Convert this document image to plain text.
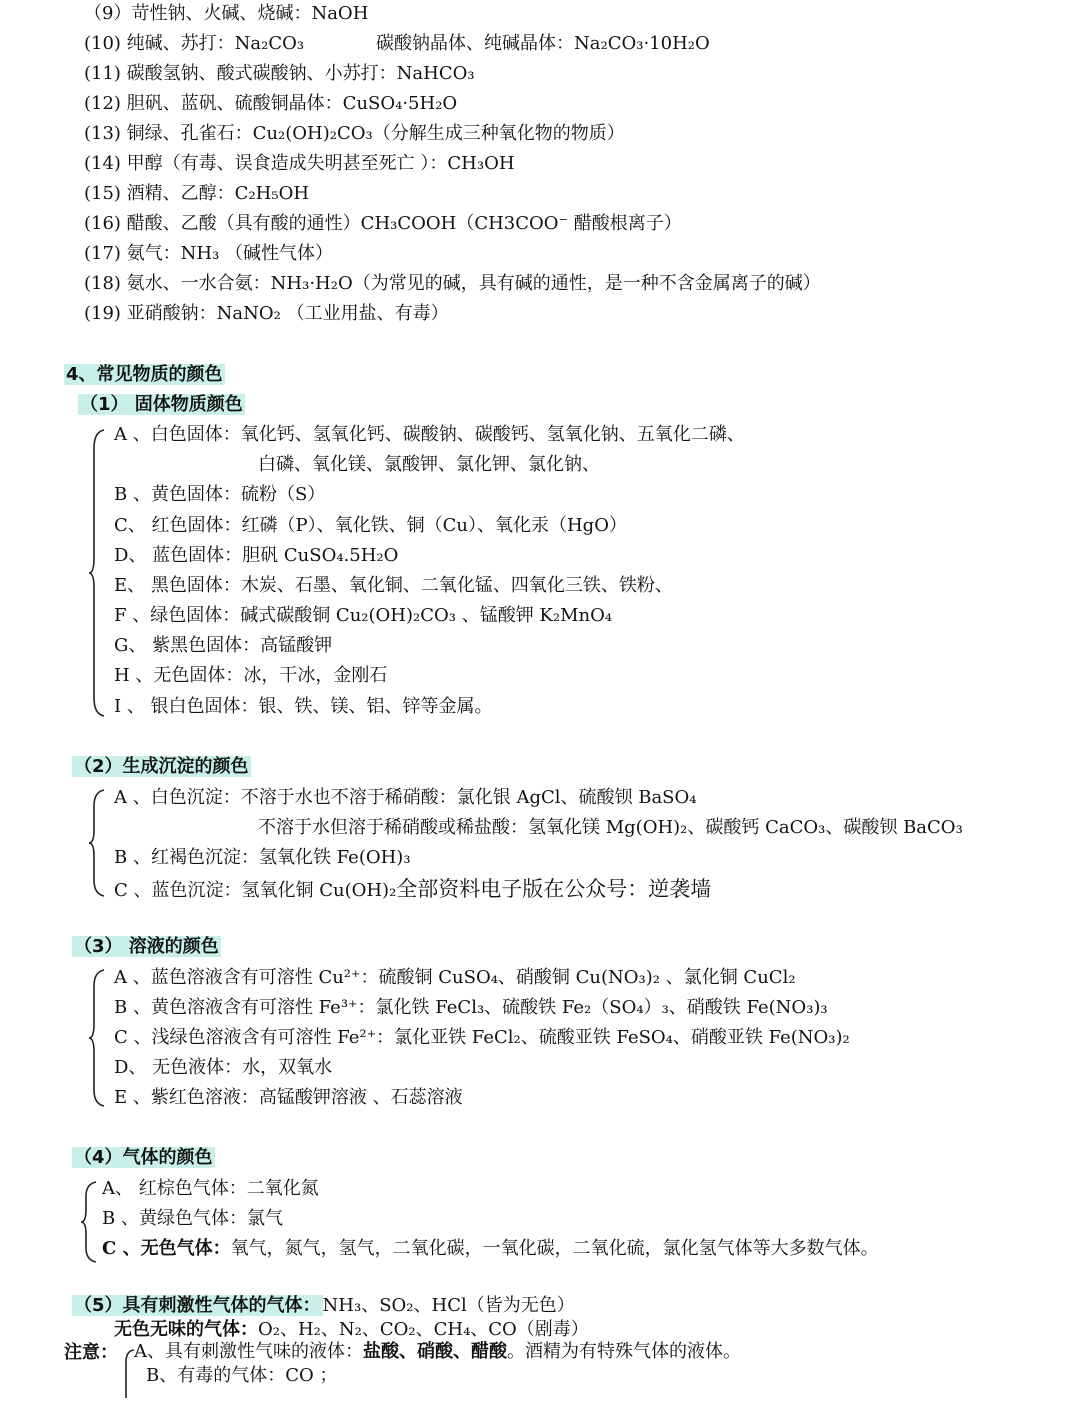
（9）苛性钠、火碱、烧碱：NaOH
(10) 纯碱、苏打：Na₂CO₃	碳酸钠晶体、纯碱晶体：Na₂CO₃·10H₂O
(11) 碳酸氢钠、酸式碳酸钠、小苏打：NaHCO₃
(12) 胆矾、蓝矾、硫酸铜晶体：CuSO₄·5H₂O
(13) 铜绿、孔雀石：Cu₂(OH)₂CO₃（分解生成三种氧化物的物质）
(14) 甲醇（有毒、误食造成失明甚至死亡 ）：CH₃OH
(15) 酒精、乙醇：C₂H₅OH
(16) 醋酸、乙酸（具有酸的通性）CH₃COOH（CH3COO⁻ 醋酸根离子）
(17) 氨气：NH₃ （碱性气体）
(18) 氨水、一水合氨：NH₃·H₂O（为常见的碱，具有碱的通性，是一种不含金属离子的碱）
(19) 亚硝酸钠：NaNO₂ （工业用盐、有毒）
4、常见物质的颜色
（1） 固体物质颜色
A 、白色固体：氧化钙、氢氧化钙、碳酸钠、碳酸钙、氢氧化钠、五氧化二磷、
白磷、氧化镁、氯酸钾、氯化钾、氯化钠、
B 、黄色固体：硫粉（S）
C、 红色固体：红磷（P）、氧化铁、铜（Cu）、氧化汞（HgO）
D、 蓝色固体：胆矾 CuSO₄.5H₂O
E、 黑色固体：木炭、石墨、氧化铜、二氧化锰、四氧化三铁、铁粉、
F 、绿色固体：碱式碳酸铜 Cu₂(OH)₂CO₃ 、锰酸钾 K₂MnO₄
G、 紫黑色固体：高锰酸钾
H 、无色固体：冰，干冰，金刚石
I 、 银白色固体：银、铁、镁、铝、锌等金属。
（2）生成沉淀的颜色
A 、白色沉淀：不溶于水也不溶于稀硝酸：氯化银 AgCl、硫酸钡 BaSO₄
不溶于水但溶于稀硝酸或稀盐酸：氢氧化镁 Mg(OH)₂、碳酸钙 CaCO₃、碳酸钡 BaCO₃
B 、红褐色沉淀：氢氧化铁 Fe(OH)₃
C 、蓝色沉淀：氢氧化铜 Cu(OH)₂全部资料电子版在公众号：逆袭墙
（3） 溶液的颜色
A 、蓝色溶液含有可溶性 Cu²⁺：硫酸铜 CuSO₄、硝酸铜 Cu(NO₃)₂ 、氯化铜 CuCl₂
B 、黄色溶液含有可溶性 Fe³⁺：氯化铁 FeCl₃、硫酸铁 Fe₂（SO₄）₃、硝酸铁 Fe(NO₃)₃
C 、浅绿色溶液含有可溶性 Fe²⁺：氯化亚铁 FeCl₂、硫酸亚铁 FeSO₄、硝酸亚铁 Fe(NO₃)₂
D、 无色液体：水，双氧水
E 、紫红色溶液：高锰酸钾溶液 、石蕊溶液
（4）气体的颜色
A、 红棕色气体：二氧化氮
B 、黄绿色气体：氯气
C 、无色气体：氧气，氮气，氢气，二氧化碳，一氧化碳，二氧化硫，氯化氢气体等大多数气体。
（5）具有刺激性气体的气体： NH₃、SO₂、HCl（皆为无色）
无色无味的气体：O₂、H₂、N₂、CO₂、CH₄、CO（剧毒）
注意： A、具有刺激性气味的液体：盐酸、硝酸、醋酸。酒精为有特殊气体的液体。
B、有毒的气体：CO ；
